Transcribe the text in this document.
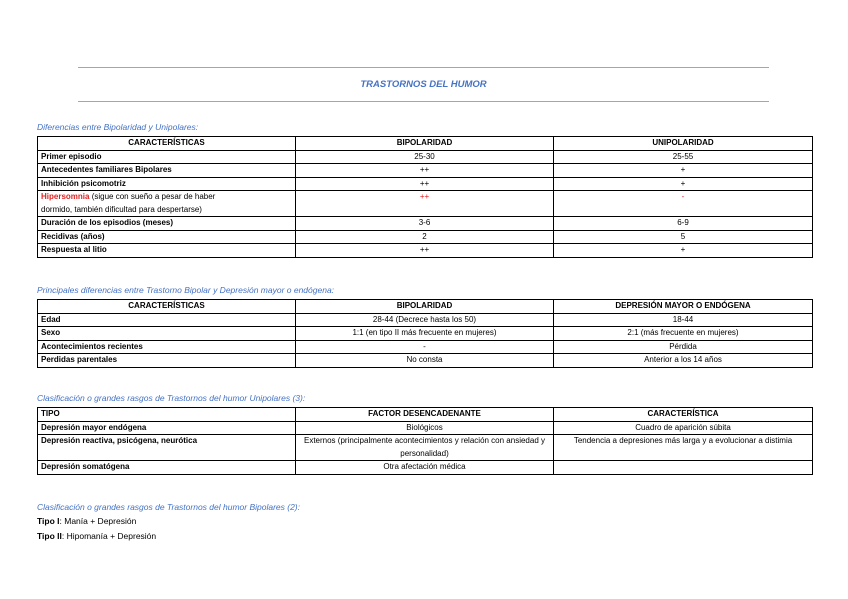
TRASTORNOS DEL HUMOR
Diferencias entre Bipolaridad y Unipolares:
CARACTERÍSTICAS	BIPOLARIDAD	UNIPOLARIDAD
Primer episodio	25-30	25-55
Antecedentes familiares Bipolares	++	+
Inhibición psicomotriz	++	+
Hipersomnia (sigue con sueño a pesar de haber
dormido, también dificultad para despertarse)	++	-
Duración de los episodios (meses)	3-6	6-9
Recidivas (años)	2	5
Respuesta al litio	++	+
Principales diferencias entre Trastorno Bipolar y Depresión mayor o endógena:
CARACTERÍSTICAS	BIPOLARIDAD	DEPRESIÓN MAYOR O ENDÓGENA
Edad	28-44 (Decrece hasta los 50)	18-44
Sexo	1:1 (en tipo II más frecuente en mujeres)	2:1 (más frecuente en mujeres)
Acontecimientos recientes	-	Pérdida
Perdidas parentales	No consta	Anterior a los 14 años
Clasificación o grandes rasgos de Trastornos del humor Unipolares (3):
TIPO	FACTOR DESENCADENANTE	CARACTERÍSTICA
Depresión mayor endógena	Biológicos	Cuadro de aparición súbita
Depresión reactiva, psicógena, neurótica	Externos (principalmente acontecimientos y relación con ansiedad y personalidad)	Tendencia a depresiones más larga y a evolucionar a distimia
Depresión somatógena	Otra afectación médica	
Clasificación o grandes rasgos de Trastornos del humor Bipolares (2):
Tipo I: Manía + Depresión
Tipo II: Hipomanía + Depresión
